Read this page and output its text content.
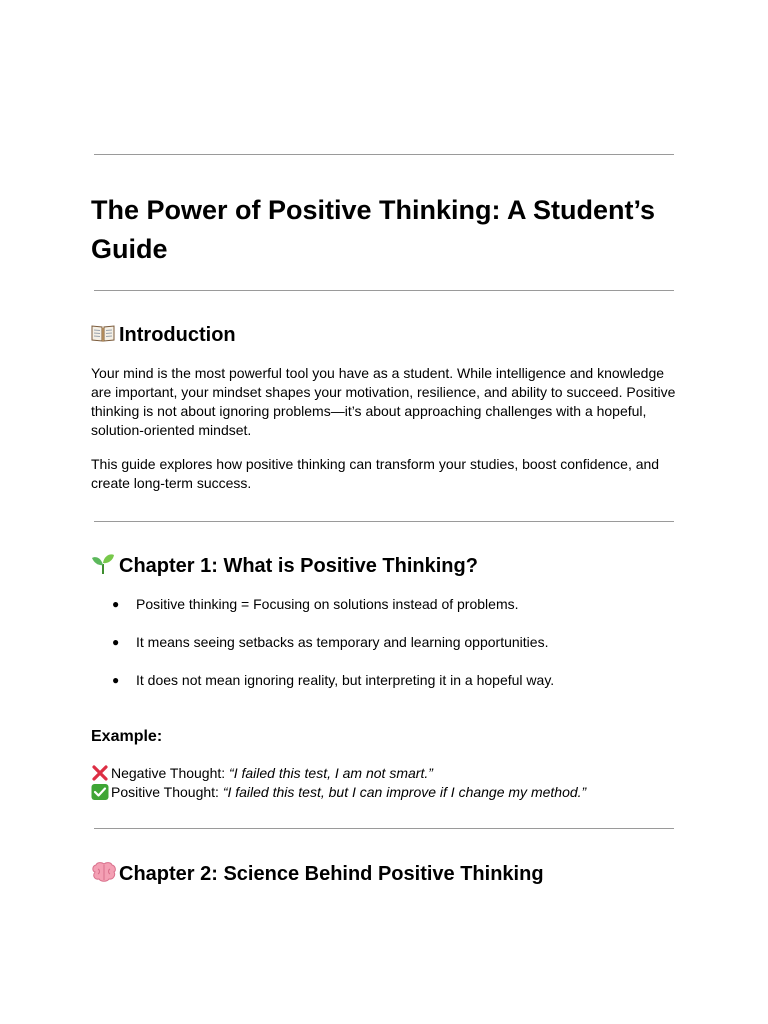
The Power of Positive Thinking: A Student’s Guide
Introduction

Your mind is the most powerful tool you have as a student. While intelligence and knowledge are important, your mindset shapes your motivation, resilience, and ability to succeed. Positive thinking is not about ignoring problems—it’s about approaching challenges with a hopeful, solution-oriented mindset.

This guide explores how positive thinking can transform your studies, boost confidence, and create long-term success.

Chapter 1: What is Positive Thinking?
● Positive thinking = Focusing on solutions instead of problems.
● It means seeing setbacks as temporary and learning opportunities.
● It does not mean ignoring reality, but interpreting it in a hopeful way.

Example:

Negative Thought: “I failed this test, I am not smart.”

Positive Thought: “I failed this test, but I can improve if I change my method.”

Chapter 2: Science Behind Positive Thinking
